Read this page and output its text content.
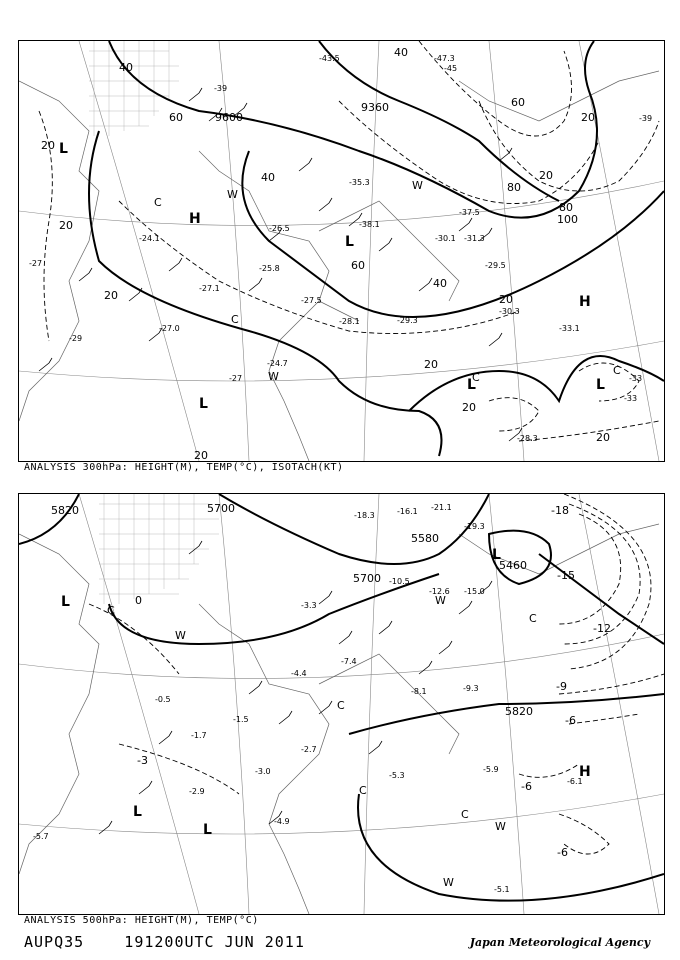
9600
9360
20
20
20	20
40
40
40
40
60
60
60
80
80
100
20
20
20
20
20
20
-28.3
-29.3
-30.3
-27.5
-28.1
-24.7
-29.5
-30.1 -31.3
-37.5
-38.1
-33.1
-35.3
-26.5
-25.8
-27.1
-27.0
-24.1
-39
-45
-47.3
-43.5
-27
-27
-29
-33
-33
-39
H
H
L
L
L
L	L
C
C
C
C
W
W
W
ANALYSIS 300hPa: HEIGHT(M), TEMP(°C), ISOTACH(KT)
5820	5700
5700
5580
5460
5820
-18
-15
-12
-9
-6
-6
-6
-3
0
-5.7
-4.9
-5.3
-5.9
-6.1
-5.1
-3.0
-8.1	-9.3
-7.4
-10.5
-12.6
-16.1 -21.1
-19.3
-15.0
-18.3
-3.3
-4.4
-1.7
-2.7
-1.5
-0.5
-2.9
H
L
L
L
L
C
C
C
C
C
W
W
W
W
ANALYSIS 500hPa: HEIGHT(M), TEMP(°C)
AUPQ35    191200UTC JUN 2011	Japan Meteorological Agency
